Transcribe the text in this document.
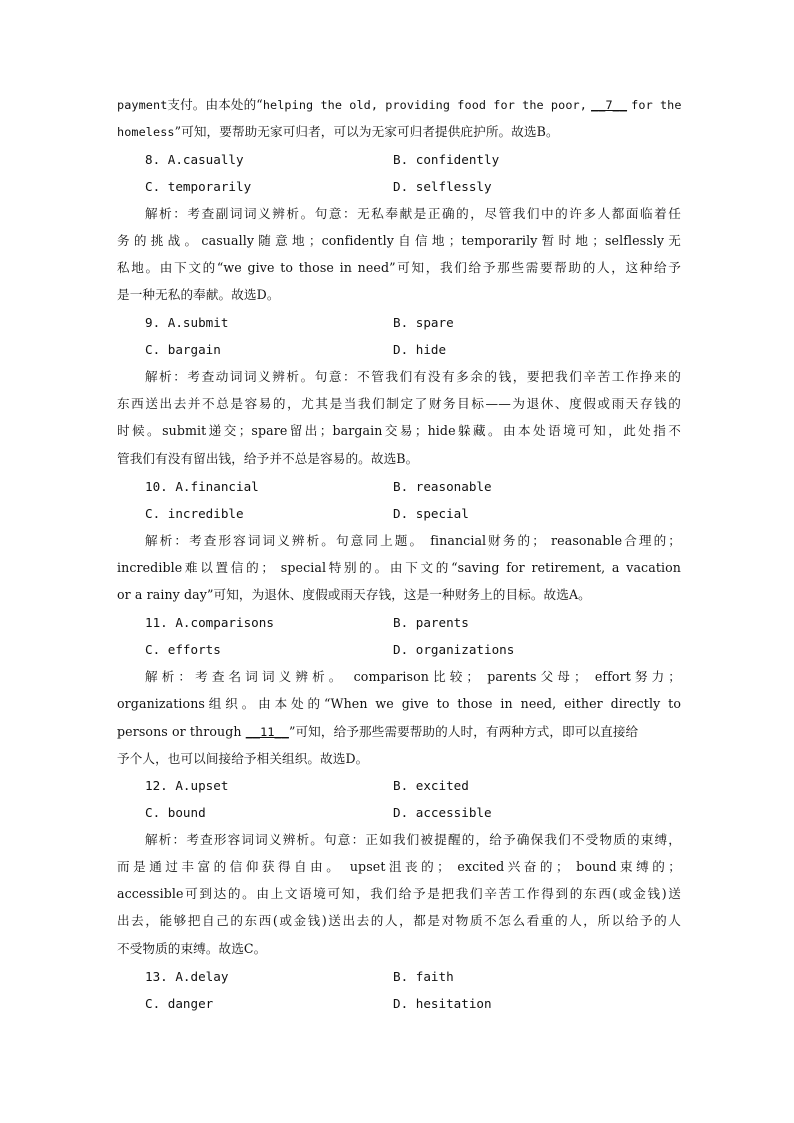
payment支付。由本处的“helping the old, providing food for the poor, __7__ for the
homeless”可知，要帮助无家可归者，可以为无家可归者提供庇护所。故选B。
8. A.casually	B. confidently
C. temporarily	D. selflessly
解析：考查副词词义辨析。句意：无私奉献是正确的，尽管我们中的许多人都面临着任
务的挑战。casually随意地；confidently自信地；temporarily暂时地；selflessly无
私地。由下文的“we give to those in need”可知，我们给予那些需要帮助的人，这种给予
是一种无私的奉献。故选D。
9. A.submit	B. spare
C. bargain	D. hide
解析：考查动词词义辨析。句意：不管我们有没有多余的钱，要把我们辛苦工作挣来的
东西送出去并不总是容易的，尤其是当我们制定了财务目标——为退休、度假或雨天存钱的
时候。submit递交；spare留出；bargain交易；hide躲藏。由本处语境可知，此处指不
管我们有没有留出钱，给予并不总是容易的。故选B。
10. A.financial	B. reasonable
C. incredible	D. special
解析：考查形容词词义辨析。句意同上题。 financial财务的； reasonable合理的；
incredible难以置信的； special特别的。由下文的“saving for retirement, a vacation
or a rainy day”可知，为退休、度假或雨天存钱，这是一种财务上的目标。故选A。
11. A.comparisons	B. parents
C. efforts	D. organizations
解析：考查名词词义辨析。 comparison比较； parents父母； effort努力；
organizations组织。由本处的“When we give to those in need, either directly to
persons or through __11__”可知，给予那些需要帮助的人时，有两种方式，即可以直接给
予个人，也可以间接给予相关组织。故选D。
12. A.upset	B. excited
C. bound	D. accessible
解析：考查形容词词义辨析。句意：正如我们被提醒的，给予确保我们不受物质的束缚，
而是通过丰富的信仰获得自由。 upset沮丧的； excited兴奋的； bound束缚的；
accessible可到达的。由上文语境可知，我们给予是把我们辛苦工作得到的东西(或金钱)送
出去，能够把自己的东西(或金钱)送出去的人，都是对物质不怎么看重的人，所以给予的人
不受物质的束缚。故选C。
13. A.delay	B. faith
C. danger	D. hesitation
